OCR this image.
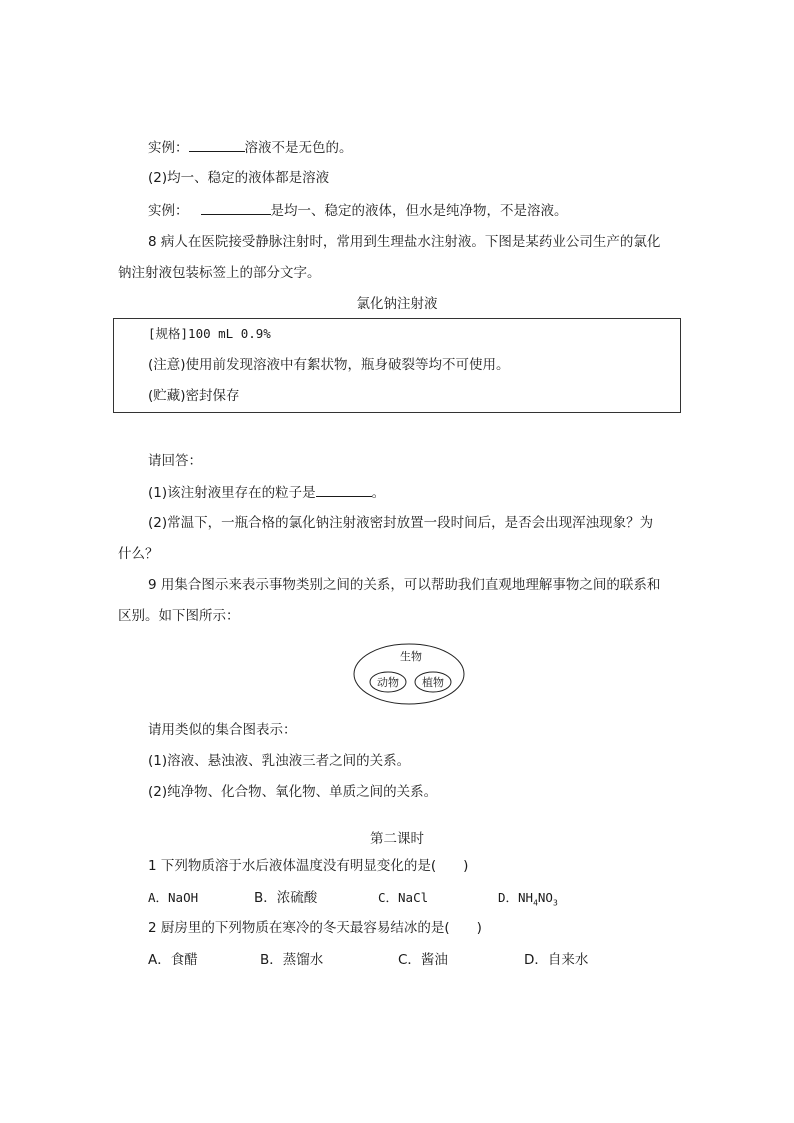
实例：	溶液不是无色的。
(2)均一、稳定的液体都是溶液
实例：	是均一、稳定的液体，但水是纯净物，不是溶液。
8 病人在医院接受静脉注射时，常用到生理盐水注射液。下图是某药业公司生产的氯化
钠注射液包装标签上的部分文字。
氯化钠注射液
[规格]100 mL 0.9%
(注意)使用前发现溶液中有絮状物，瓶身破裂等均不可使用。
(贮藏)密封保存
请回答：
(1)该注射液里存在的粒子是	。
(2)常温下，一瓶合格的氯化钠注射液密封放置一段时间后，是否会出现浑浊现象？为
什么？
9 用集合图示来表示事物类别之间的关系，可以帮助我们直观地理解事物之间的联系和
区别。如下图所示：
生物
动物 植物
请用类似的集合图表示：
(1)溶液、悬浊液、乳浊液三者之间的关系。
(2)纯净物、化合物、氧化物、单质之间的关系。
第二课时
1 下列物质溶于水后液体温度没有明显变化的是(　　)
A．NaOH	B．浓硫酸	C．NaCl	D．$NH_4NO_3$
2 厨房里的下列物质在寒冷的冬天最容易结冰的是(　　)
A．食醋	B．蒸馏水	C．酱油	D．自来水
